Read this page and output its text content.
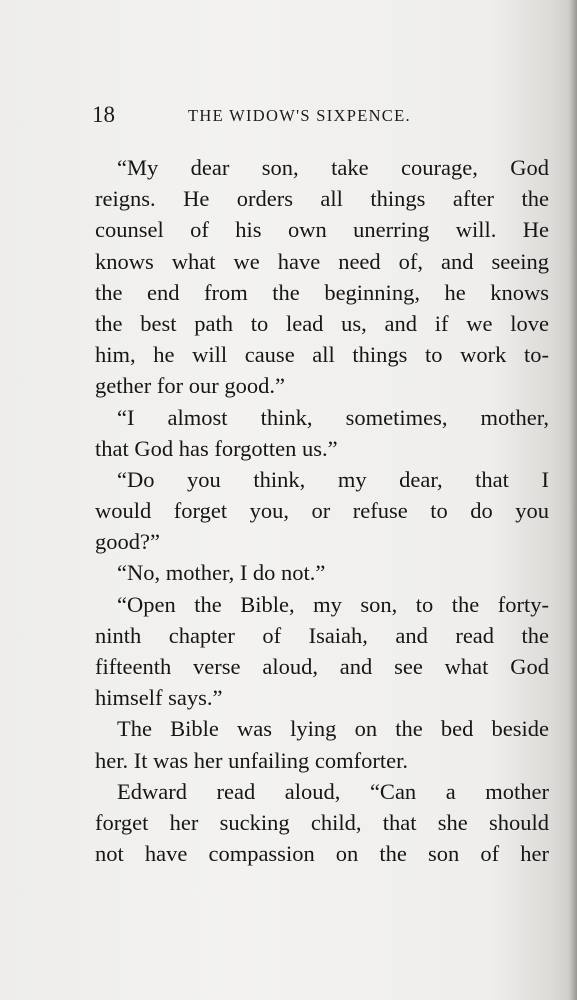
18	THE WIDOW'S SIXPENCE.
“My dear son, take courage, God
reigns. He orders all things after the
counsel of his own unerring will. He
knows what we have need of, and seeing
the end from the beginning, he knows
the best path to lead us, and if we love
him, he will cause all things to work to-
gether for our good.”
“I almost think, sometimes, mother,
that God has forgotten us.”
“Do you think, my dear, that I
would forget you, or refuse to do you
good?”
“No, mother, I do not.”
“Open the Bible, my son, to the forty-
ninth chapter of Isaiah, and read the
fifteenth verse aloud, and see what God
himself says.”
The Bible was lying on the bed beside
her. It was her unfailing comforter.
Edward read aloud, “Can a mother
forget her sucking child, that she should
not have compassion on the son of her
